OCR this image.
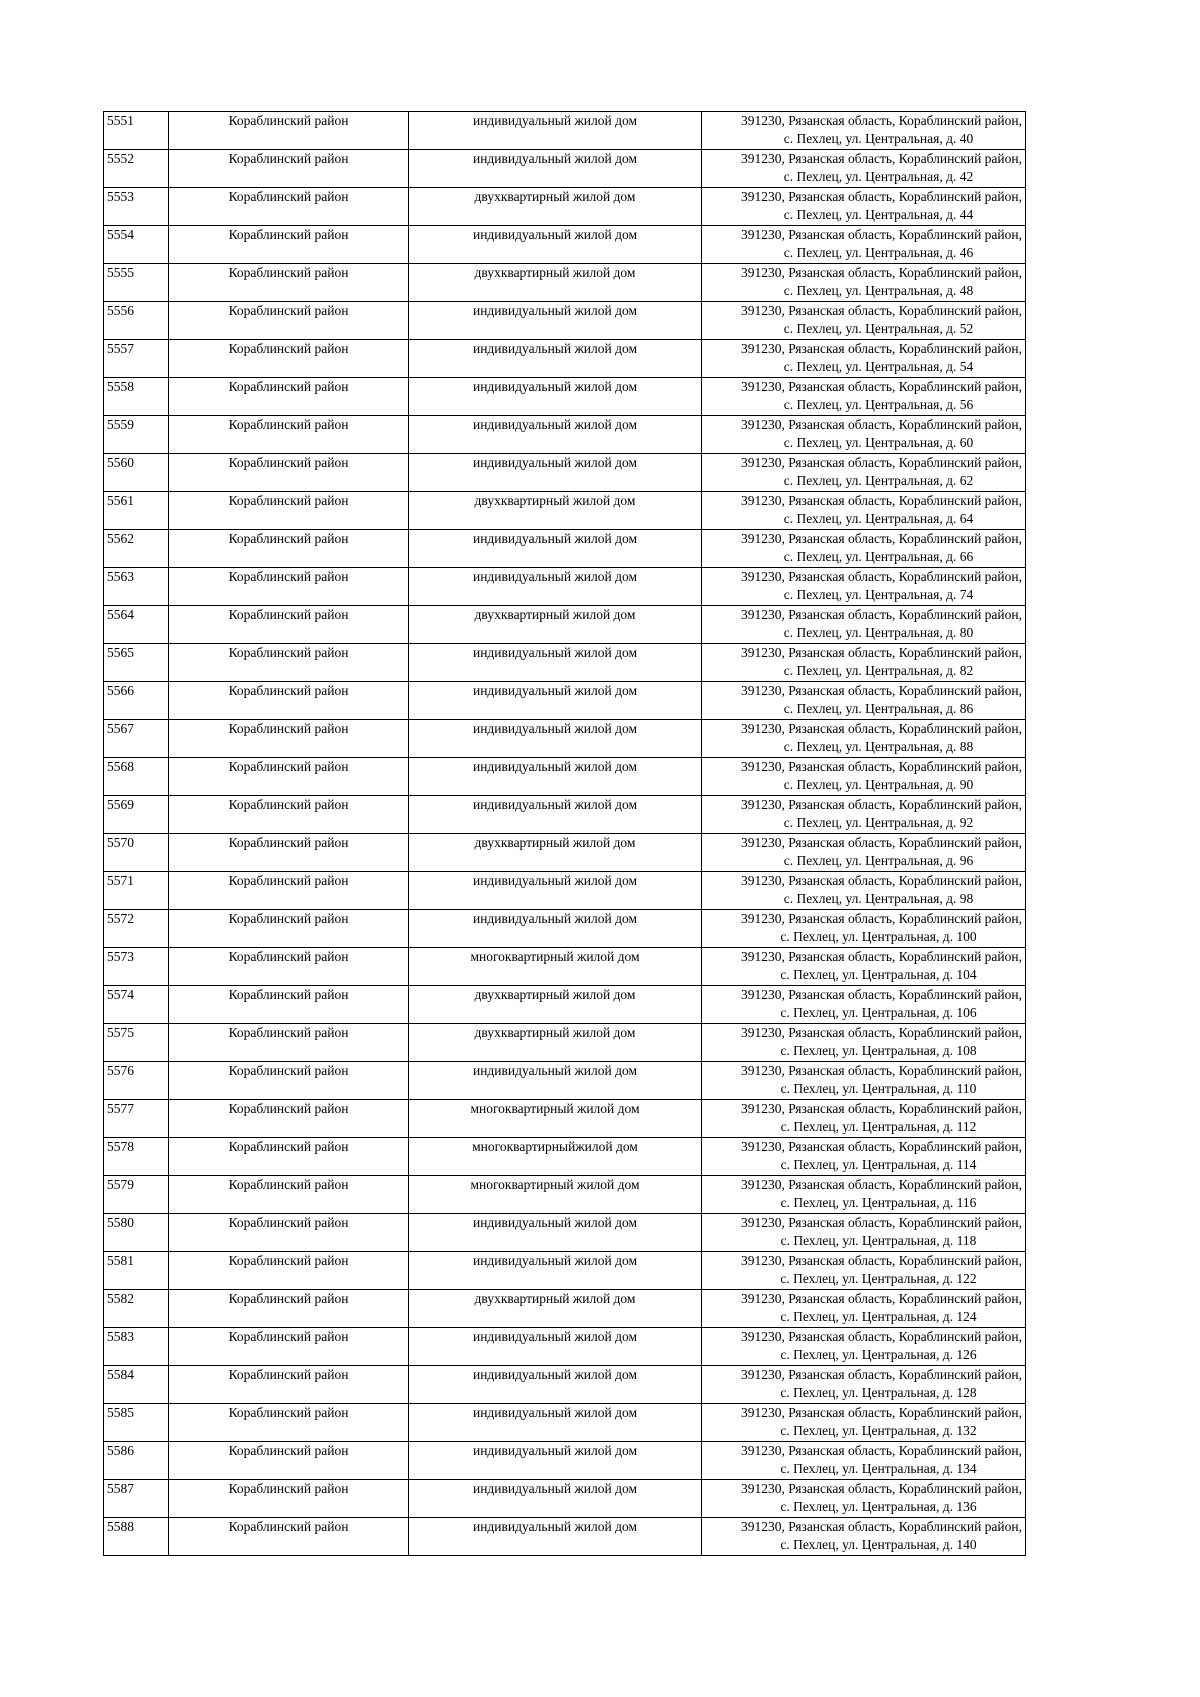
5551	Кораблинский район	индивидуальный жилой дом	391230, Рязанская область, Кораблинский район,
с. Пехлец, ул. Центральная, д. 40

5552	Кораблинский район	индивидуальный жилой дом	391230, Рязанская область, Кораблинский район,
с. Пехлец, ул. Центральная, д. 42

5553	Кораблинский район	двухквартирный жилой дом	391230, Рязанская область, Кораблинский район,
с. Пехлец, ул. Центральная, д. 44

5554	Кораблинский район	индивидуальный жилой дом	391230, Рязанская область, Кораблинский район,
с. Пехлец, ул. Центральная, д. 46

5555	Кораблинский район	двухквартирный жилой дом	391230, Рязанская область, Кораблинский район,
с. Пехлец, ул. Центральная, д. 48

5556	Кораблинский район	индивидуальный жилой дом	391230, Рязанская область, Кораблинский район,
с. Пехлец, ул. Центральная, д. 52

5557	Кораблинский район	индивидуальный жилой дом	391230, Рязанская область, Кораблинский район,
с. Пехлец, ул. Центральная, д. 54

5558	Кораблинский район	индивидуальный жилой дом	391230, Рязанская область, Кораблинский район,
с. Пехлец, ул. Центральная, д. 56

5559	Кораблинский район	индивидуальный жилой дом	391230, Рязанская область, Кораблинский район,
с. Пехлец, ул. Центральная, д. 60

5560	Кораблинский район	индивидуальный жилой дом	391230, Рязанская область, Кораблинский район,
с. Пехлец, ул. Центральная, д. 62

5561	Кораблинский район	двухквартирный жилой дом	391230, Рязанская область, Кораблинский район,
с. Пехлец, ул. Центральная, д. 64

5562	Кораблинский район	индивидуальный жилой дом	391230, Рязанская область, Кораблинский район,
с. Пехлец, ул. Центральная, д. 66

5563	Кораблинский район	индивидуальный жилой дом	391230, Рязанская область, Кораблинский район,
с. Пехлец, ул. Центральная, д. 74

5564	Кораблинский район	двухквартирный жилой дом	391230, Рязанская область, Кораблинский район,
с. Пехлец, ул. Центральная, д. 80

5565	Кораблинский район	индивидуальный жилой дом	391230, Рязанская область, Кораблинский район,
с. Пехлец, ул. Центральная, д. 82

5566	Кораблинский район	индивидуальный жилой дом	391230, Рязанская область, Кораблинский район,
с. Пехлец, ул. Центральная, д. 86

5567	Кораблинский район	индивидуальный жилой дом	391230, Рязанская область, Кораблинский район,
с. Пехлец, ул. Центральная, д. 88

5568	Кораблинский район	индивидуальный жилой дом	391230, Рязанская область, Кораблинский район,
с. Пехлец, ул. Центральная, д. 90

5569	Кораблинский район	индивидуальный жилой дом	391230, Рязанская область, Кораблинский район,
с. Пехлец, ул. Центральная, д. 92

5570	Кораблинский район	двухквартирный жилой дом	391230, Рязанская область, Кораблинский район,
с. Пехлец, ул. Центральная, д. 96

5571	Кораблинский район	индивидуальный жилой дом	391230, Рязанская область, Кораблинский район,
с. Пехлец, ул. Центральная, д. 98

5572	Кораблинский район	индивидуальный жилой дом	391230, Рязанская область, Кораблинский район,
с. Пехлец, ул. Центральная, д. 100

5573	Кораблинский район	многоквартирный жилой дом	391230, Рязанская область, Кораблинский район,
с. Пехлец, ул. Центральная, д. 104

5574	Кораблинский район	двухквартирный жилой дом	391230, Рязанская область, Кораблинский район,
с. Пехлец, ул. Центральная, д. 106

5575	Кораблинский район	двухквартирный жилой дом	391230, Рязанская область, Кораблинский район,
с. Пехлец, ул. Центральная, д. 108

5576	Кораблинский район	индивидуальный жилой дом	391230, Рязанская область, Кораблинский район,
с. Пехлец, ул. Центральная, д. 110

5577	Кораблинский район	многоквартирный жилой дом	391230, Рязанская область, Кораблинский район,
с. Пехлец, ул. Центральная, д. 112

5578	Кораблинский район	многоквартирныйжилой дом	391230, Рязанская область, Кораблинский район,
с. Пехлец, ул. Центральная, д. 114

5579	Кораблинский район	многоквартирный жилой дом	391230, Рязанская область, Кораблинский район,
с. Пехлец, ул. Центральная, д. 116

5580	Кораблинский район	индивидуальный жилой дом	391230, Рязанская область, Кораблинский район,
с. Пехлец, ул. Центральная, д. 118

5581	Кораблинский район	индивидуальный жилой дом	391230, Рязанская область, Кораблинский район,
с. Пехлец, ул. Центральная, д. 122

5582	Кораблинский район	двухквартирный жилой дом	391230, Рязанская область, Кораблинский район,
с. Пехлец, ул. Центральная, д. 124

5583	Кораблинский район	индивидуальный жилой дом	391230, Рязанская область, Кораблинский район,
с. Пехлец, ул. Центральная, д. 126

5584	Кораблинский район	индивидуальный жилой дом	391230, Рязанская область, Кораблинский район,
с. Пехлец, ул. Центральная, д. 128

5585	Кораблинский район	индивидуальный жилой дом	391230, Рязанская область, Кораблинский район,
с. Пехлец, ул. Центральная, д. 132

5586	Кораблинский район	индивидуальный жилой дом	391230, Рязанская область, Кораблинский район,
с. Пехлец, ул. Центральная, д. 134

5587	Кораблинский район	индивидуальный жилой дом	391230, Рязанская область, Кораблинский район,
с. Пехлец, ул. Центральная, д. 136

5588	Кораблинский район	индивидуальный жилой дом	391230, Рязанская область, Кораблинский район,
с. Пехлец, ул. Центральная, д. 140
